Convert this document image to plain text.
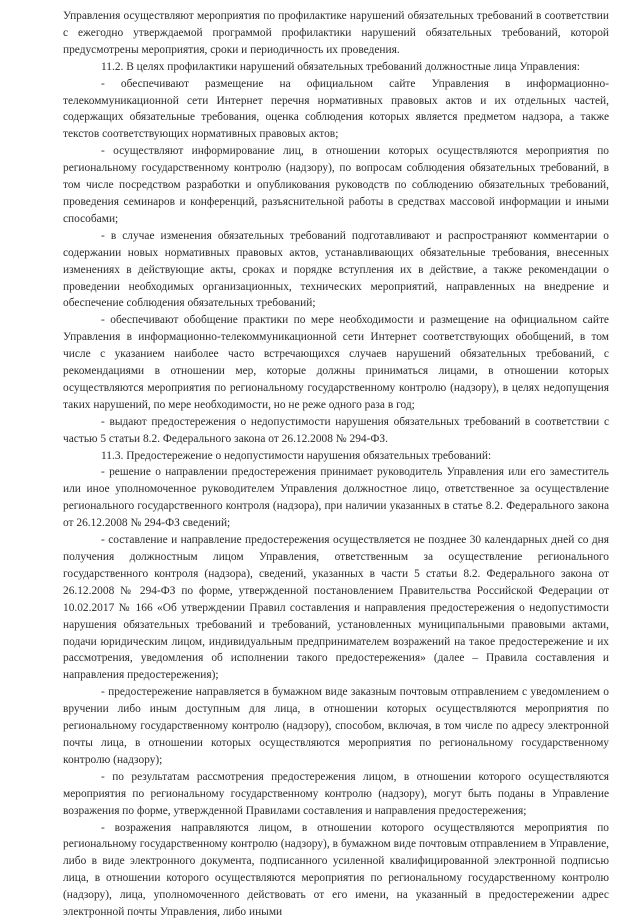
Управления осуществляют мероприятия по профилактике нарушений обязательных требований в соответствии с ежегодно утверждаемой программой профилактики нарушений обязательных требований, которой предусмотрены мероприятия, сроки и периодичность их проведения.

11.2. В целях профилактики нарушений обязательных требований должностные лица Управления:

- обеспечивают размещение на официальном сайте Управления в информационно-телекоммуникационной сети Интернет перечня нормативных правовых актов и их отдельных частей, содержащих обязательные требования, оценка соблюдения которых является предметом надзора, а также текстов соответствующих нормативных правовых актов;

- осуществляют информирование лиц, в отношении которых осуществляются мероприятия по региональному государственному контролю (надзору), по вопросам соблюдения обязательных требований, в том числе посредством разработки и опубликования руководств по соблюдению обязательных требований, проведения семинаров и конференций, разъяснительной работы в средствах массовой информации и иными способами;

- в случае изменения обязательных требований подготавливают и распространяют комментарии о содержании новых нормативных правовых актов, устанавливающих обязательные требования, внесенных изменениях в действующие акты, сроках и порядке вступления их в действие, а также рекомендации о проведении необходимых организационных, технических мероприятий, направленных на внедрение и обеспечение соблюдения обязательных требований;

- обеспечивают обобщение практики по мере необходимости и размещение на официальном сайте Управления в информационно-телекоммуникационной сети Интернет соответствующих обобщений, в том числе с указанием наиболее часто встречающихся случаев нарушений обязательных требований, с рекомендациями в отношении мер, которые должны приниматься лицами, в отношении которых осуществляются мероприятия по региональному государственному контролю (надзору), в целях недопущения таких нарушений, по мере необходимости, но не реже одного раза в год;

- выдают предостережения о недопустимости нарушения обязательных требований в соответствии с частью 5 статьи 8.2. Федерального закона от 26.12.2008 № 294-ФЗ.

11.3. Предостережение о недопустимости нарушения обязательных требований:

- решение о направлении предостережения принимает руководитель Управления или его заместитель или иное уполномоченное руководителем Управления должностное лицо, ответственное за осуществление регионального государственного контроля (надзора), при наличии указанных в статье 8.2. Федерального закона от 26.12.2008 № 294-ФЗ сведений;

- составление и направление предостережения осуществляется не позднее 30 календарных дней со дня получения должностным лицом Управления, ответственным за осуществление регионального государственного контроля (надзора), сведений, указанных в части 5 статьи 8.2. Федерального закона от 26.12.2008 № 294-ФЗ по форме, утвержденной постановлением Правительства Российской Федерации от 10.02.2017 № 166 «Об утверждении Правил составления и направления предостережения о недопустимости нарушения обязательных требований и требований, установленных муниципальными правовыми актами, подачи юридическим лицом, индивидуальным предпринимателем возражений на такое предостережение и их рассмотрения, уведомления об исполнении такого предостережения» (далее – Правила составления и направления предостережения);

- предостережение направляется в бумажном виде заказным почтовым отправлением с уведомлением о вручении либо иным доступным для лица, в отношении которых осуществляются мероприятия по региональному государственному контролю (надзору), способом, включая, в том числе по адресу электронной почты лица, в отношении которых осуществляются мероприятия по региональному государственному контролю (надзору);

- по результатам рассмотрения предостережения лицом, в отношении которого осуществляются мероприятия по региональному государственному контролю (надзору), могут быть поданы в Управление возражения по форме, утвержденной Правилами составления и направления предостережения;

- возражения направляются лицом, в отношении которого осуществляются мероприятия по региональному государственному контролю (надзору), в бумажном виде почтовым отправлением в Управление, либо в виде электронного документа, подписанного усиленной квалифицированной электронной подписью лица, в отношении которого осуществляются мероприятия по региональному государственному контролю (надзору), лица, уполномоченного действовать от его имени, на указанный в предостережении адрес электронной почты Управления, либо иными
